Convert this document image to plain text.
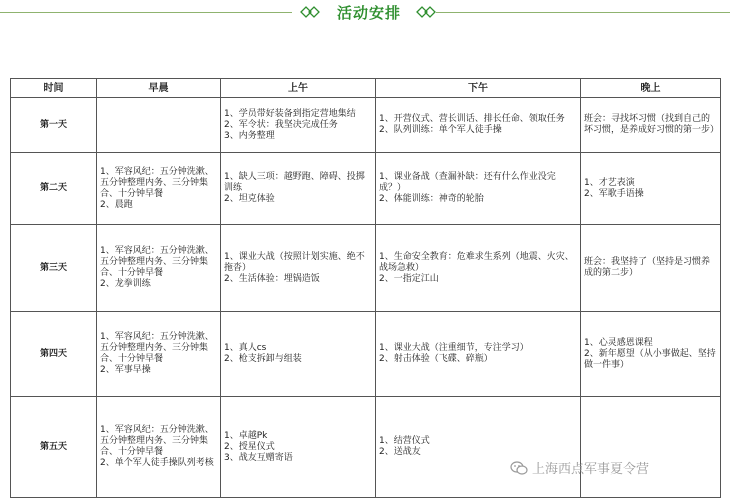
活动安排
时间	早晨	上午	下午	晚上
第一天		1、学员带好装备到指定营地集结
2、军令状：我坚决完成任务
3、内务整理	1、开营仪式、营长训话、排长任命、领取任务
2、队列训练：单个军人徒手操	班会：寻找坏习惯（找到自己的坏习惯，是养成好习惯的第一步）

第二天	1、军容风纪：五分钟洗漱、五分钟整理内务、三分钟集合、十分钟早餐
2、晨跑	1、缺人三项：越野跑、障碍、投掷训练
2、坦克体验	1、课业备战（查漏补缺：还有什么作业没完成？）
2、体能训练：神奇的轮胎	1、才艺表演
2、军歌手语操

第三天	1、军容风纪：五分钟洗漱、五分钟整理内务、三分钟集合、十分钟早餐
2、龙拳训练	1、课业大战（按照计划实施、绝不拖沓）
2、生活体验：埋锅造饭	1、生命安全教育：危难求生系列（地震、火灾、战场急救）
2、一指定江山	班会：我坚持了（坚持是习惯养成的第二步）

第四天	1、军容风纪：五分钟洗漱、五分钟整理内务、三分钟集合、十分钟早餐
2、军事早操	1、真人cs
2、枪支拆卸与组装	1、课业大战（注重细节，专注学习）
2、射击体验（飞碟、碎瓶）	1、心灵感恩课程
2、新年愿望（从小事做起、坚持做一件事）

第五天	1、军容风纪：五分钟洗漱、五分钟整理内务、三分钟集合、十分钟早餐
2、单个军人徒手操队列考核	1、卓越Pk
2、授星仪式
3、战友互赠寄语	1、结营仪式
2、送战友	

上海西点军事夏令营
